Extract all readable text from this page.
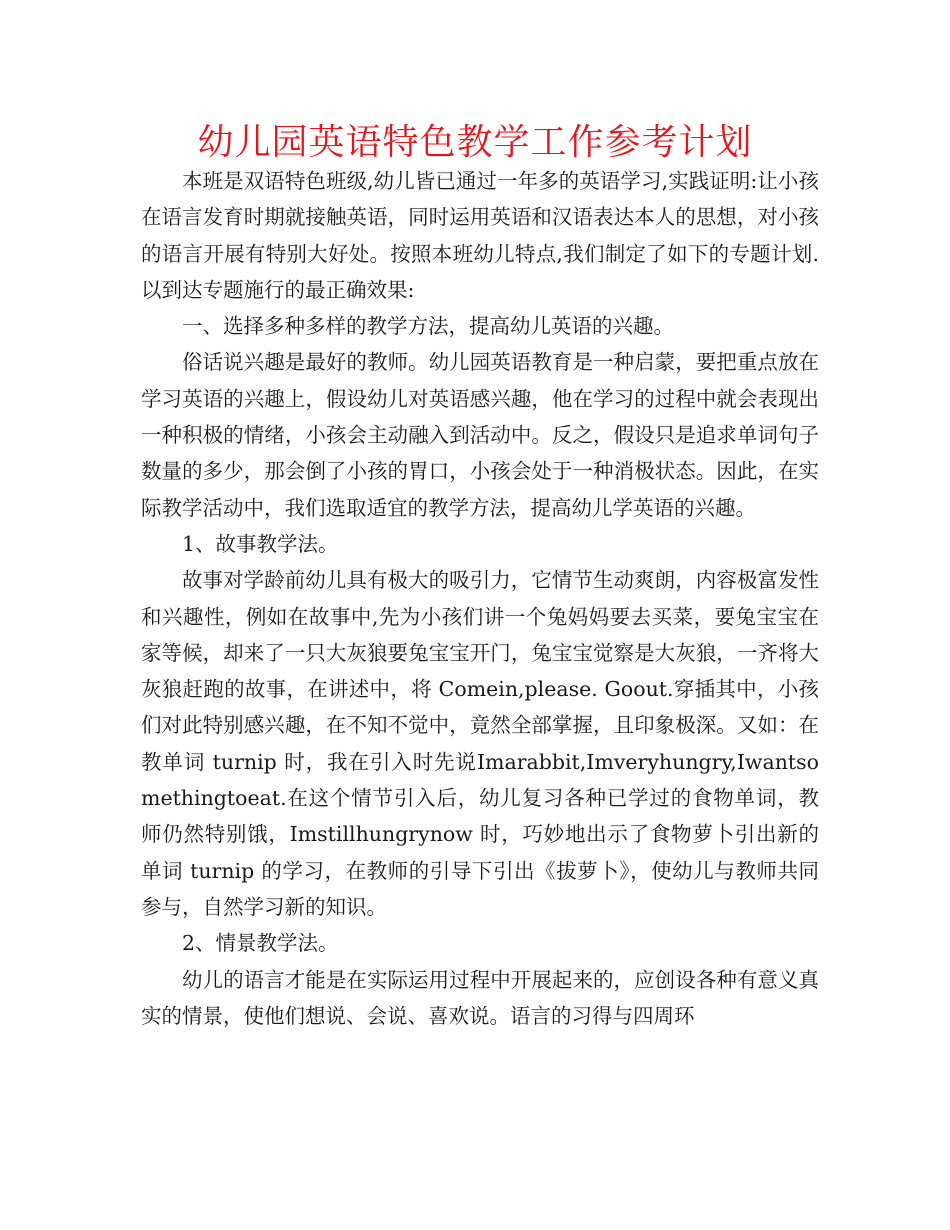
幼儿园英语特色教学工作参考计划

本班是双语特色班级,幼儿皆已通过一年多的英语学习,实践证明:让小孩在语言发育时期就接触英语，同时运用英语和汉语表达本人的思想，对小孩的语言开展有特别大好处。按照本班幼儿特点,我们制定了如下的专题计划.以到达专题施行的最正确效果:

一、选择多种多样的教学方法，提高幼儿英语的兴趣。

俗话说兴趣是最好的教师。幼儿园英语教育是一种启蒙，要把重点放在学习英语的兴趣上，假设幼儿对英语感兴趣，他在学习的过程中就会表现出一种积极的情绪，小孩会主动融入到活动中。反之，假设只是追求单词句子数量的多少，那会倒了小孩的胃口，小孩会处于一种消极状态。因此，在实际教学活动中，我们选取适宜的教学方法，提高幼儿学英语的兴趣。

1、故事教学法。

故事对学龄前幼儿具有极大的吸引力，它情节生动爽朗，内容极富发性和兴趣性，例如在故事中,先为小孩们讲一个兔妈妈要去买菜，要兔宝宝在家等候，却来了一只大灰狼要兔宝宝开门，兔宝宝觉察是大灰狼，一齐将大灰狼赶跑的故事，在讲述中，将 Comein,please. Goout.穿插其中，小孩们对此特别感兴趣，在不知不觉中，竟然全部掌握，且印象极深。又如：在教单词 turnip 时，我在引入时先说Imarabbit,Imveryhungry,Iwantsomethingtoeat.在这个情节引入后，幼儿复习各种已学过的食物单词，教师仍然特别饿，Imstillhungrynow 时，巧妙地出示了食物萝卜引出新的单词 turnip 的学习，在教师的引导下引出《拔萝卜》，使幼儿与教师共同参与，自然学习新的知识。

2、情景教学法。

幼儿的语言才能是在实际运用过程中开展起来的，应创设各种有意义真实的情景，使他们想说、会说、喜欢说。语言的习得与四周环
